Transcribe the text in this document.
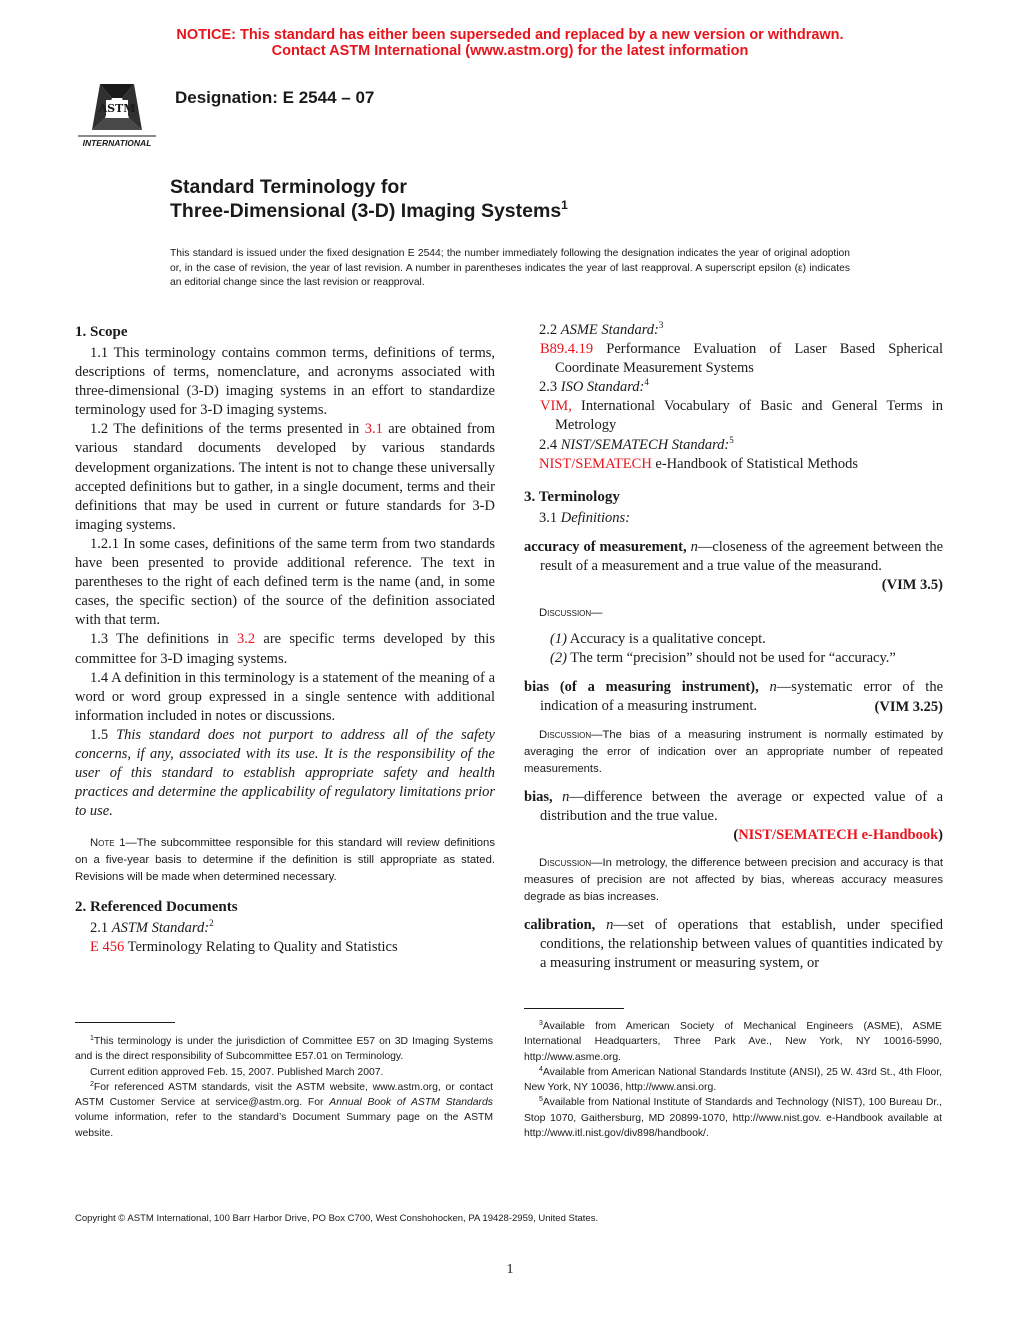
NOTICE: This standard has either been superseded and replaced by a new version or withdrawn.
Contact ASTM International (www.astm.org) for the latest information
ASTM
INTERNATIONAL
Designation: E 2544 – 07
Standard Terminology for
Three-Dimensional (3-D) Imaging Systems$^1$
This standard is issued under the fixed designation E 2544; the number immediately following the designation indicates the year of original adoption or, in the case of revision, the year of last revision. A number in parentheses indicates the year of last reapproval. A superscript epsilon (ε) indicates an editorial change since the last revision or reapproval.
1. Scope

1.1 This terminology contains common terms, definitions of terms, descriptions of terms, nomenclature, and acronyms associated with three-dimensional (3-D) imaging systems in an effort to standardize terminology used for 3-D imaging systems.

1.2 The definitions of the terms presented in 3.1 are obtained from various standard documents developed by various standards development organizations. The intent is not to change these universally accepted definitions but to gather, in a single document, terms and their definitions that may be used in current or future standards for 3-D imaging systems.

1.2.1 In some cases, definitions of the same term from two standards have been presented to provide additional reference. The text in parentheses to the right of each defined term is the name (and, in some cases, the specific section) of the source of the definition associated with that term.

1.3 The definitions in 3.2 are specific terms developed by this committee for 3-D imaging systems.

1.4 A definition in this terminology is a statement of the meaning of a word or word group expressed in a single sentence with additional information included in notes or discussions.

1.5 This standard does not purport to address all of the safety concerns, if any, associated with its use. It is the responsibility of the user of this standard to establish appropriate safety and health practices and determine the applicability of regulatory limitations prior to use.

Note 1—The subcommittee responsible for this standard will review definitions on a five-year basis to determine if the definition is still appropriate as stated. Revisions will be made when determined necessary.

2. Referenced Documents

2.1 ASTM Standard:$^2$

E 456 Terminology Relating to Quality and Statistics

2.2 ASME Standard:$^3$

B89.4.19 Performance Evaluation of Laser Based Spherical Coordinate Measurement Systems

2.3 ISO Standard:$^4$

VIM, International Vocabulary of Basic and General Terms in Metrology

2.4 NIST/SEMATECH Standard:$^5$

NIST/SEMATECH e-Handbook of Statistical Methods

3. Terminology

3.1 Definitions:

accuracy of measurement, n—closeness of the agreement between the result of a measurement and a true value of the measurand.
(VIM 3.5)

Discussion—

(1) Accuracy is a qualitative concept.

(2) The term “precision” should not be used for “accuracy.”

bias (of a measuring instrument), n—systematic error of the indication of a measuring instrument.	(VIM 3.25)

Discussion—The bias of a measuring instrument is normally estimated by averaging the error of indication over an appropriate number of repeated measurements.

bias, n—difference between the average or expected value of a distribution and the true value.

(NIST/SEMATECH e-Handbook)

Discussion—In metrology, the difference between precision and accuracy is that measures of precision are not affected by bias, whereas accuracy measures degrade as bias increases.

calibration, n—set of operations that establish, under specified conditions, the relationship between values of quantities indicated by a measuring instrument or measuring system, or

$^1$This terminology is under the jurisdiction of Committee E57 on 3D Imaging Systems and is the direct responsibility of Subcommittee E57.01 on Terminology.

Current edition approved Feb. 15, 2007. Published March 2007.

$^2$For referenced ASTM standards, visit the ASTM website, www.astm.org, or contact ASTM Customer Service at service@astm.org. For Annual Book of ASTM Standards volume information, refer to the standard’s Document Summary page on the ASTM website.

$^3$Available from American Society of Mechanical Engineers (ASME), ASME International Headquarters, Three Park Ave., New York, NY 10016-5990, http://www.asme.org.

$^4$Available from American National Standards Institute (ANSI), 25 W. 43rd St., 4th Floor, New York, NY 10036, http://www.ansi.org.

$^5$Available from National Institute of Standards and Technology (NIST), 100 Bureau Dr., Stop 1070, Gaithersburg, MD 20899-1070, http://www.nist.gov. e-Handbook available at http://www.itl.nist.gov/div898/handbook/.

Copyright © ASTM International, 100 Barr Harbor Drive, PO Box C700, West Conshohocken, PA 19428-2959, United States.
1
